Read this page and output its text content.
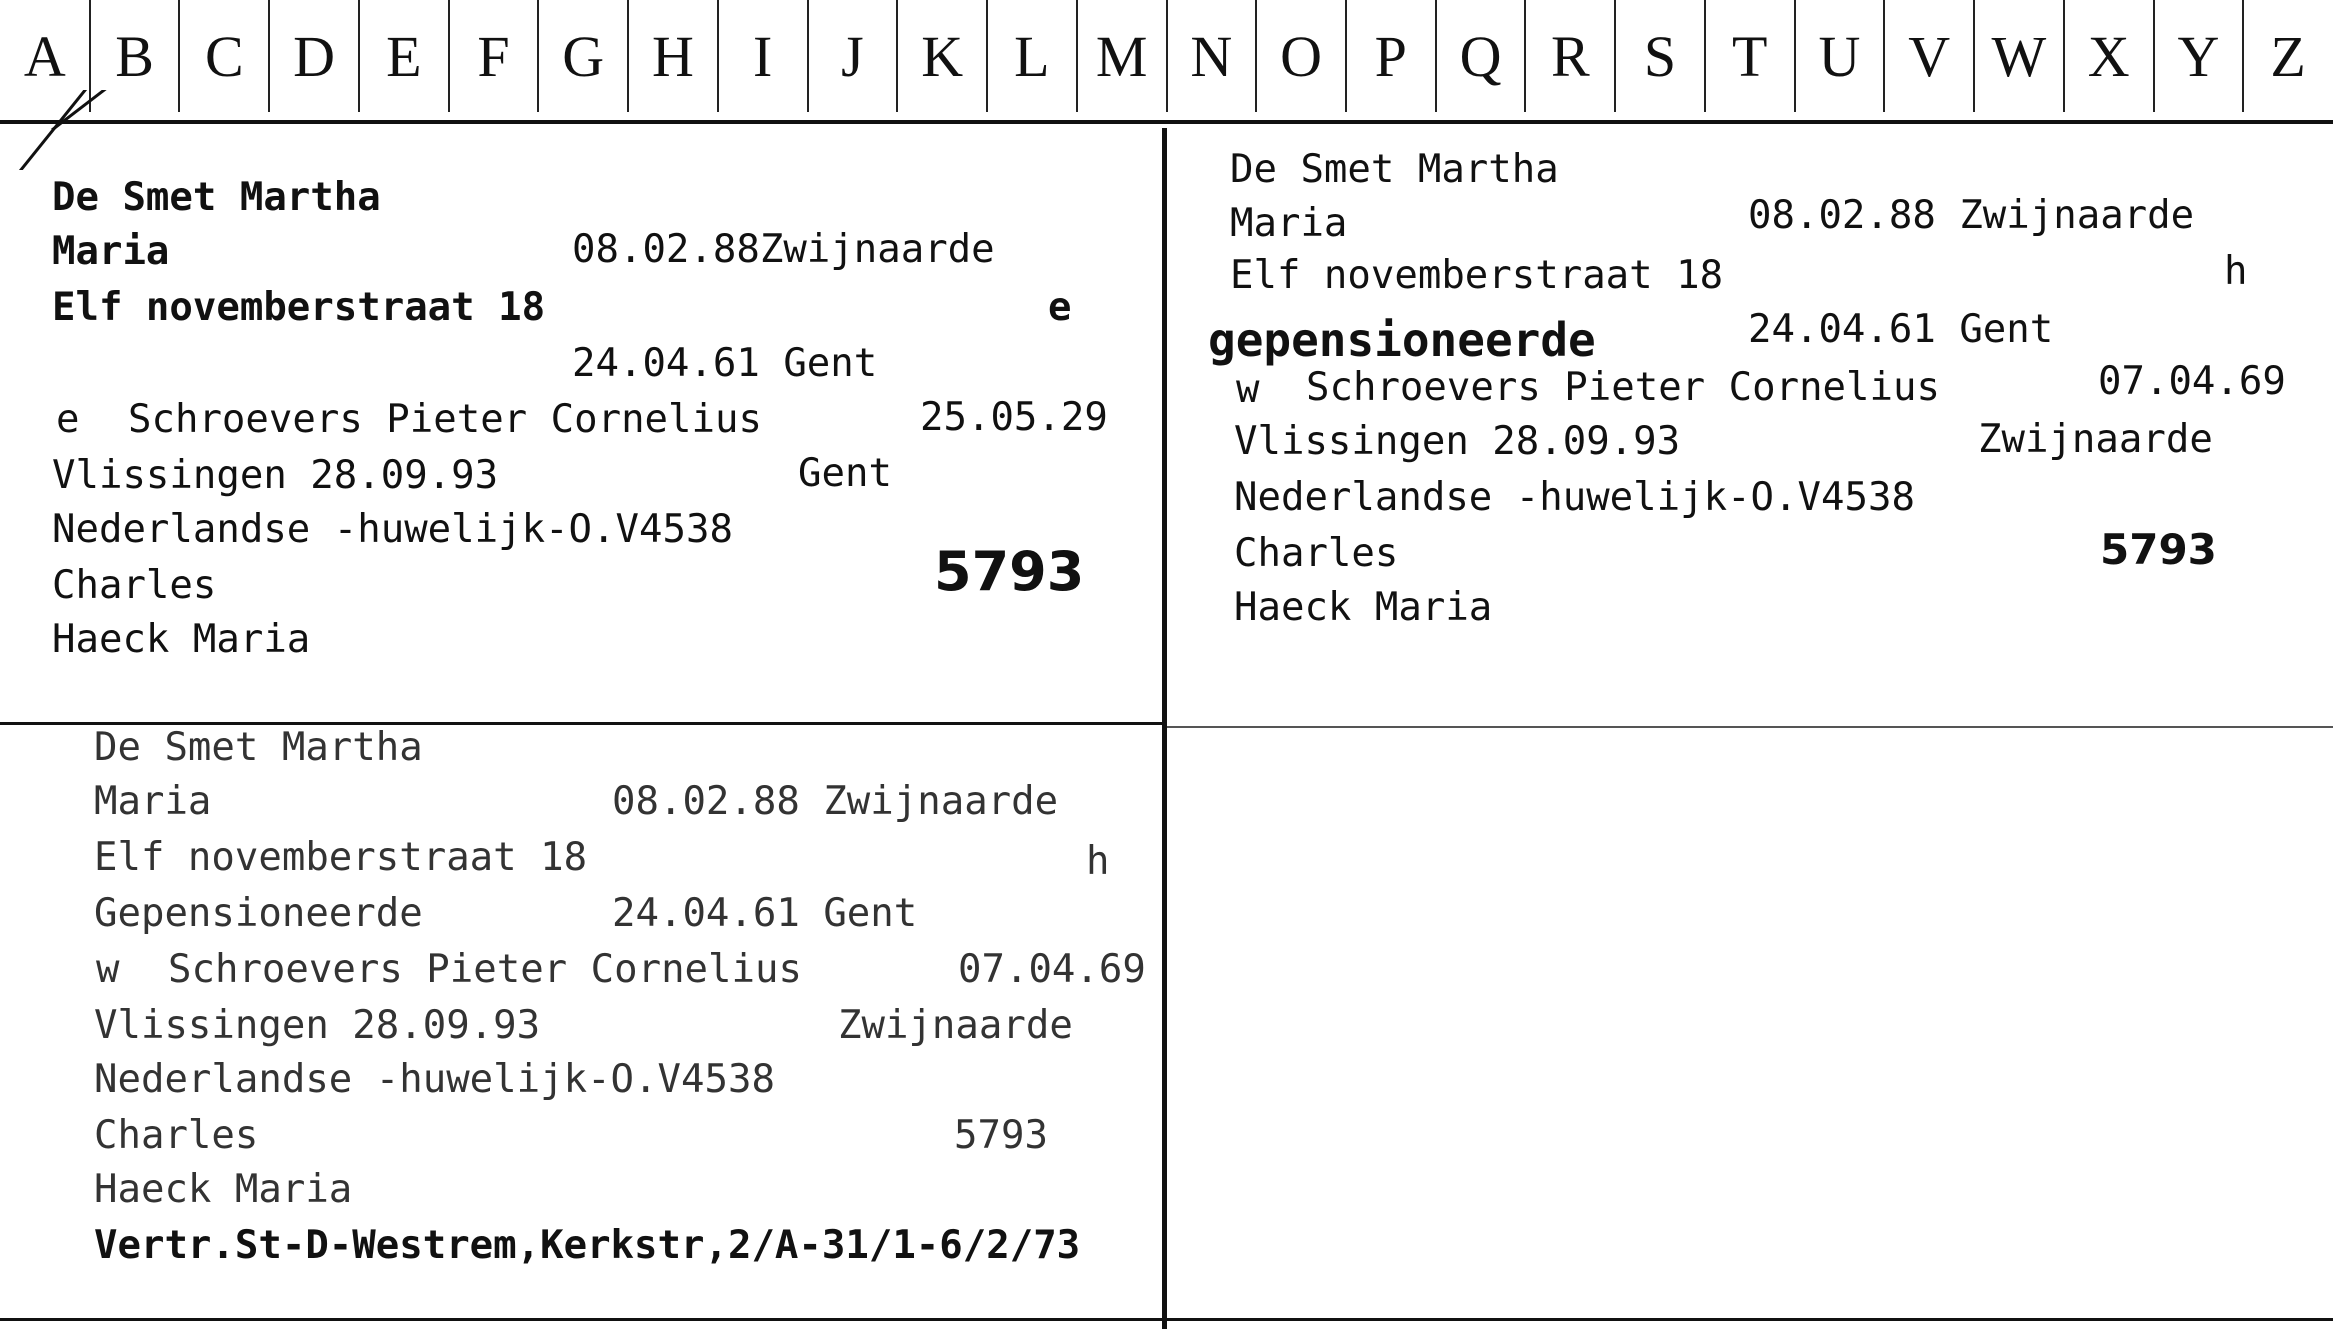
A B C D E F G H	I	J K L M N O P Q R S T U V W X Y Z
De Smet Martha
Maria	08.02.88Zwijnaarde
Elf novemberstraat 18	e
24.04.61 Gent
e Schroevers Pieter Cornelius	25.05.29
Vlissingen 28.09.93	Gent
Nederlandse -huwelijk-O.V4538
Charles	5793
Haeck Maria
De Smet Martha
Maria	08.02.88 Zwijnaarde
Elf novemberstraat 18	h
gepensioneerde	24.04.61 Gent
w Schroevers Pieter Cornelius	07.04.69
Vlissingen 28.09.93	Zwijnaarde
Nederlandse -huwelijk-O.V4538
Charles	5793
Haeck Maria
De Smet Martha
Maria	08.02.88 Zwijnaarde
Elf novemberstraat 18	h
Gepensioneerde	24.04.61 Gent
w Schroevers Pieter Cornelius	07.04.69
Vlissingen 28.09.93	Zwijnaarde
Nederlandse -huwelijk-O.V4538
Charles	5793
Haeck Maria
Vertr.St-D-Westrem,Kerkstr,2/A-31/1-6/2/73
